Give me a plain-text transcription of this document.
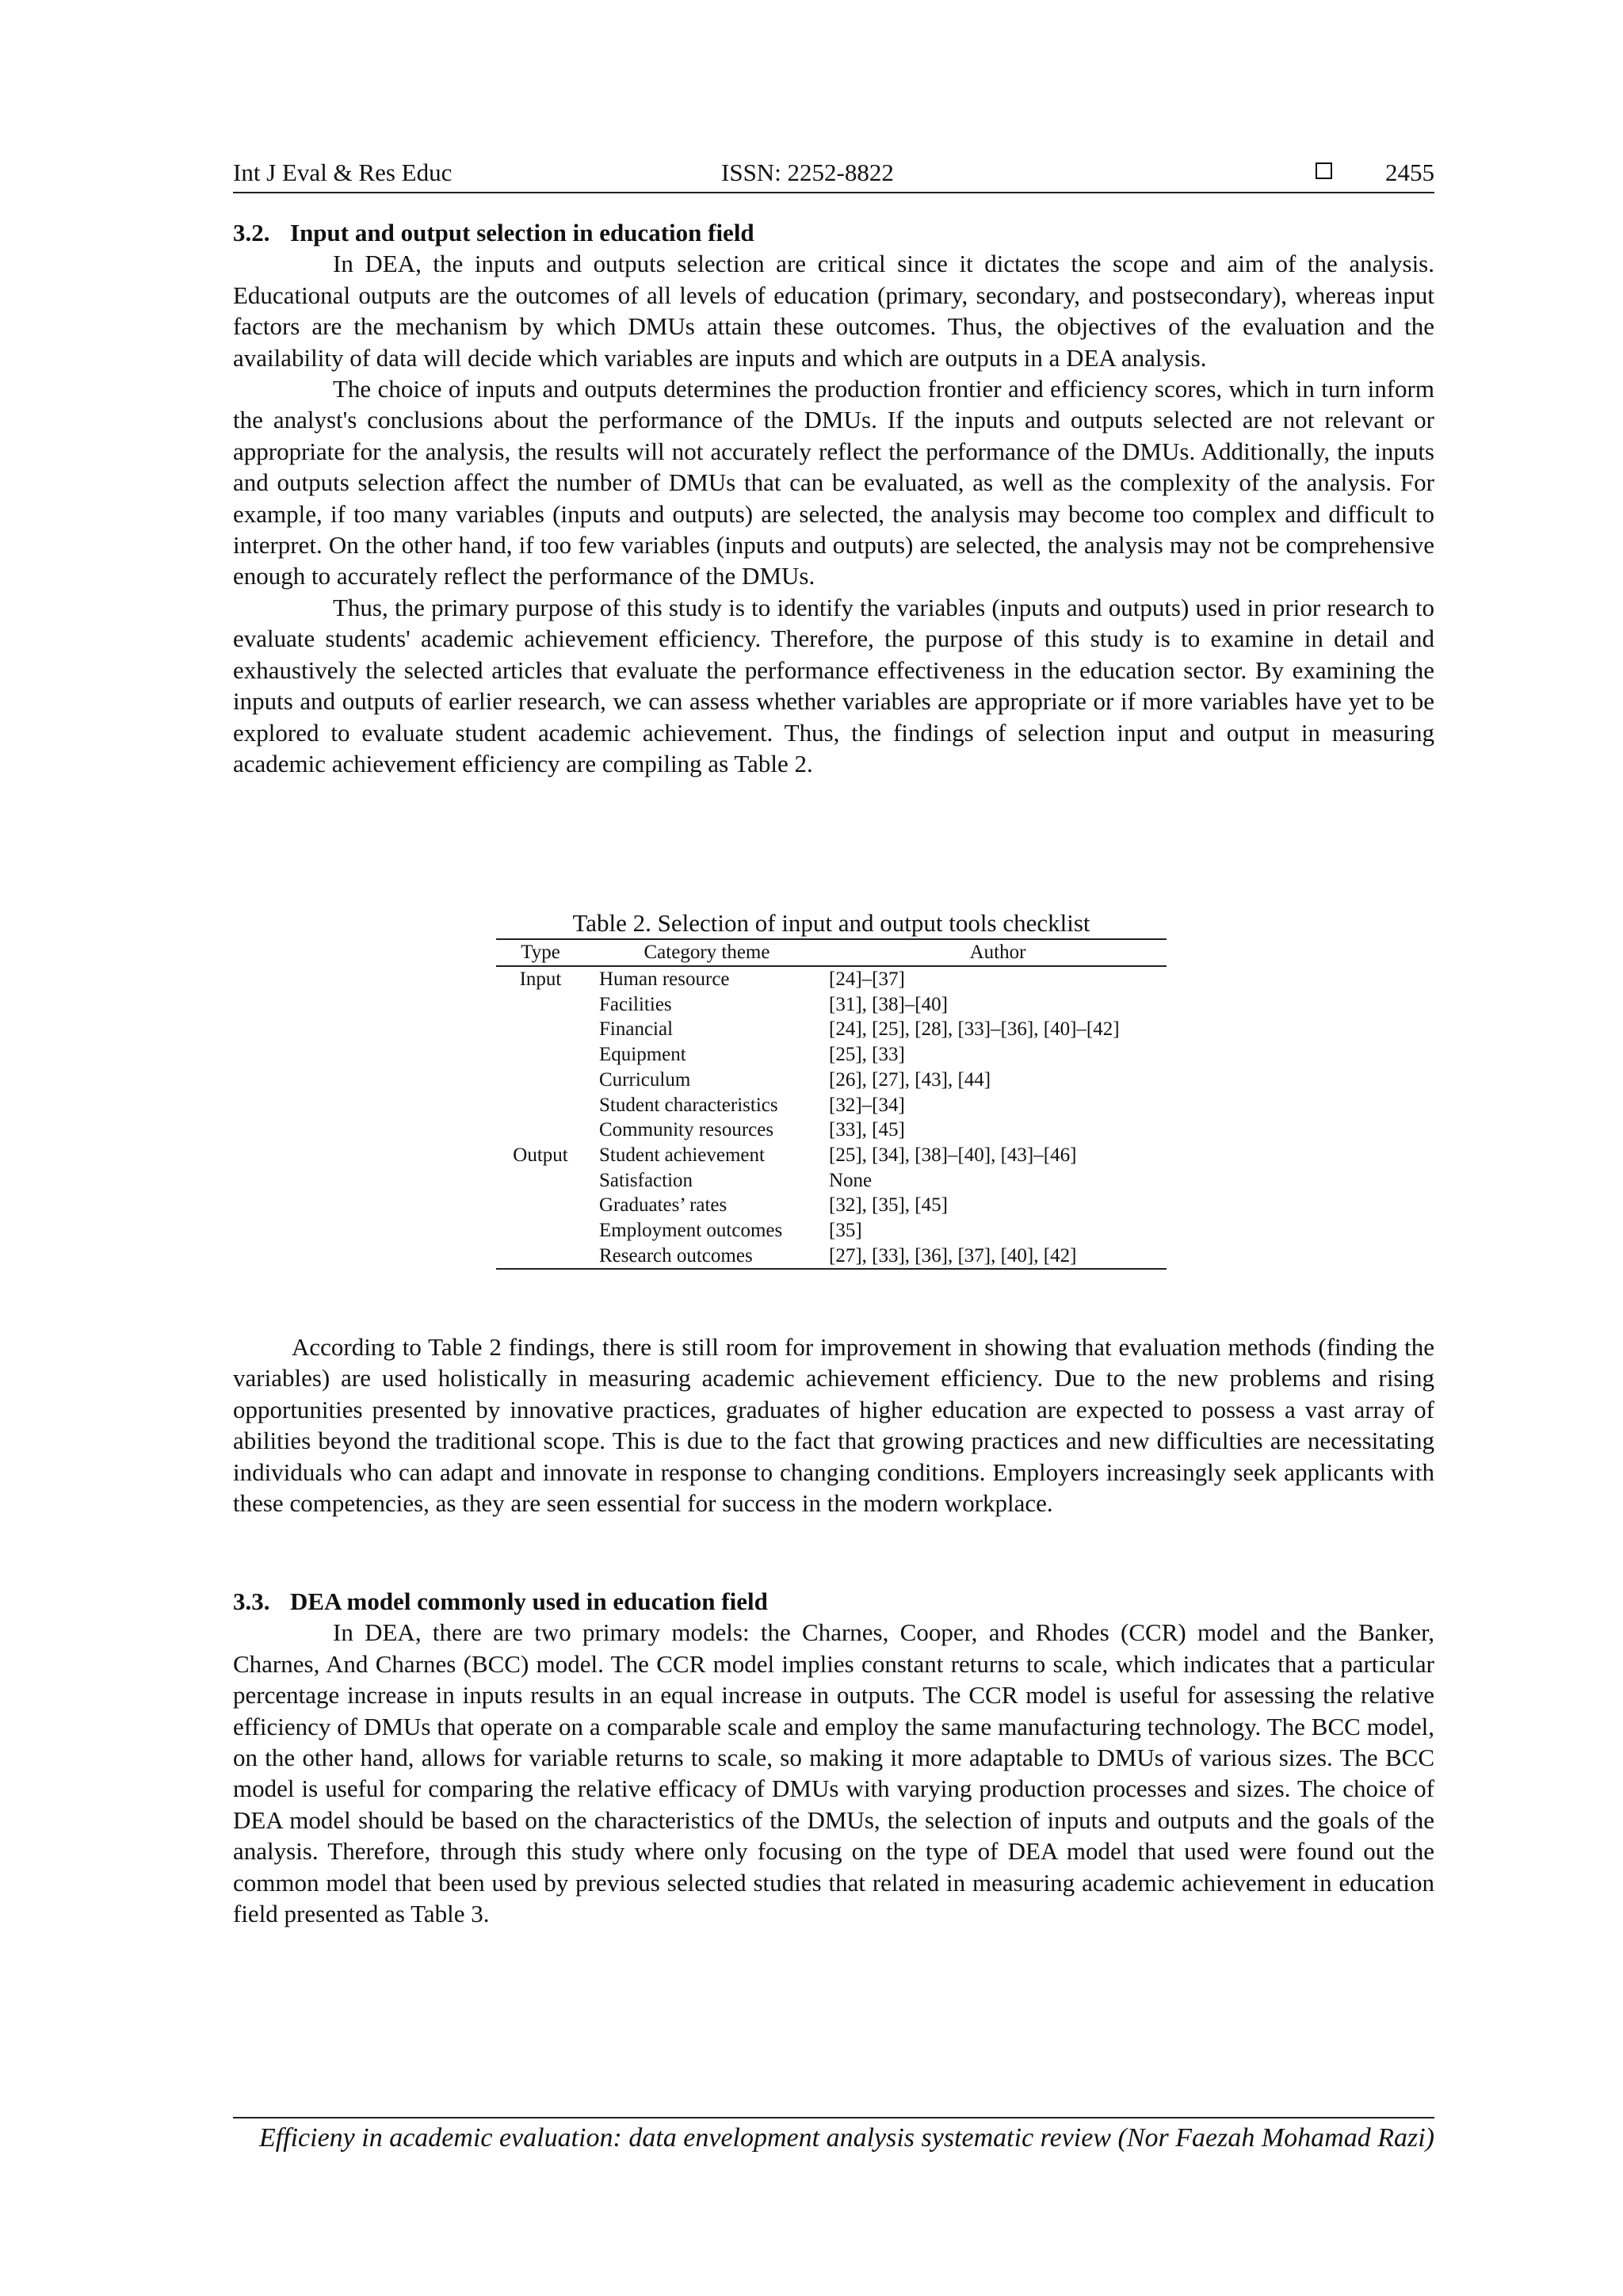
Int J Eval & Res Educ	ISSN: 2252-8822	2455
3.2. Input and output selection in education field

In DEA, the inputs and outputs selection are critical since it dictates the scope and aim of the analysis. Educational outputs are the outcomes of all levels of education (primary, secondary, and postsecondary), whereas input factors are the mechanism by which DMUs attain these outcomes. Thus, the objectives of the evaluation and the availability of data will decide which variables are inputs and which are outputs in a DEA analysis.

The choice of inputs and outputs determines the production frontier and efficiency scores, which in turn inform the analyst's conclusions about the performance of the DMUs. If the inputs and outputs selected are not relevant or appropriate for the analysis, the results will not accurately reflect the performance of the DMUs. Additionally, the inputs and outputs selection affect the number of DMUs that can be evaluated, as well as the complexity of the analysis. For example, if too many variables (inputs and outputs) are selected, the analysis may become too complex and difficult to interpret. On the other hand, if too few variables (inputs and outputs) are selected, the analysis may not be comprehensive enough to accurately reflect the performance of the DMUs.

Thus, the primary purpose of this study is to identify the variables (inputs and outputs) used in prior research to evaluate students' academic achievement efficiency. Therefore, the purpose of this study is to examine in detail and exhaustively the selected articles that evaluate the performance effectiveness in the education sector. By examining the inputs and outputs of earlier research, we can assess whether variables are appropriate or if more variables have yet to be explored to evaluate student academic achievement. Thus, the findings of selection input and output in measuring academic achievement efficiency are compiling as Table 2.

Table 2. Selection of input and output tools checklist
Type	Category theme	Author
Input	Human resource	[24]–[37]
	Facilities	[31], [38]–[40]
	Financial	[24], [25], [28], [33]–[36], [40]–[42]
	Equipment	[25], [33]
	Curriculum	[26], [27], [43], [44]
	Student characteristics	[32]–[34]
	Community resources	[33], [45]
Output	Student achievement	[25], [34], [38]–[40], [43]–[46]
	Satisfaction	None
	Graduates’ rates	[32], [35], [45]
	Employment outcomes	[35]
	Research outcomes	[27], [33], [36], [37], [40], [42]

According to Table 2 findings, there is still room for improvement in showing that evaluation methods (finding the variables) are used holistically in measuring academic achievement efficiency. Due to the new problems and rising opportunities presented by innovative practices, graduates of higher education are expected to possess a vast array of abilities beyond the traditional scope. This is due to the fact that growing practices and new difficulties are necessitating individuals who can adapt and innovate in response to changing conditions. Employers increasingly seek applicants with these competencies, as they are seen essential for success in the modern workplace.

3.3. DEA model commonly used in education field

In DEA, there are two primary models: the Charnes, Cooper, and Rhodes (CCR) model and the Banker, Charnes, And Charnes (BCC) model. The CCR model implies constant returns to scale, which indicates that a particular percentage increase in inputs results in an equal increase in outputs. The CCR model is useful for assessing the relative efficiency of DMUs that operate on a comparable scale and employ the same manufacturing technology. The BCC model, on the other hand, allows for variable returns to scale, so making it more adaptable to DMUs of various sizes. The BCC model is useful for comparing the relative efficacy of DMUs with varying production processes and sizes. The choice of DEA model should be based on the characteristics of the DMUs, the selection of inputs and outputs and the goals of the analysis. Therefore, through this study where only focusing on the type of DEA model that used were found out the common model that been used by previous selected studies that related in measuring academic achievement in education field presented as Table 3.

Efficieny in academic evaluation: data envelopment analysis systematic review (Nor Faezah Mohamad Razi)
